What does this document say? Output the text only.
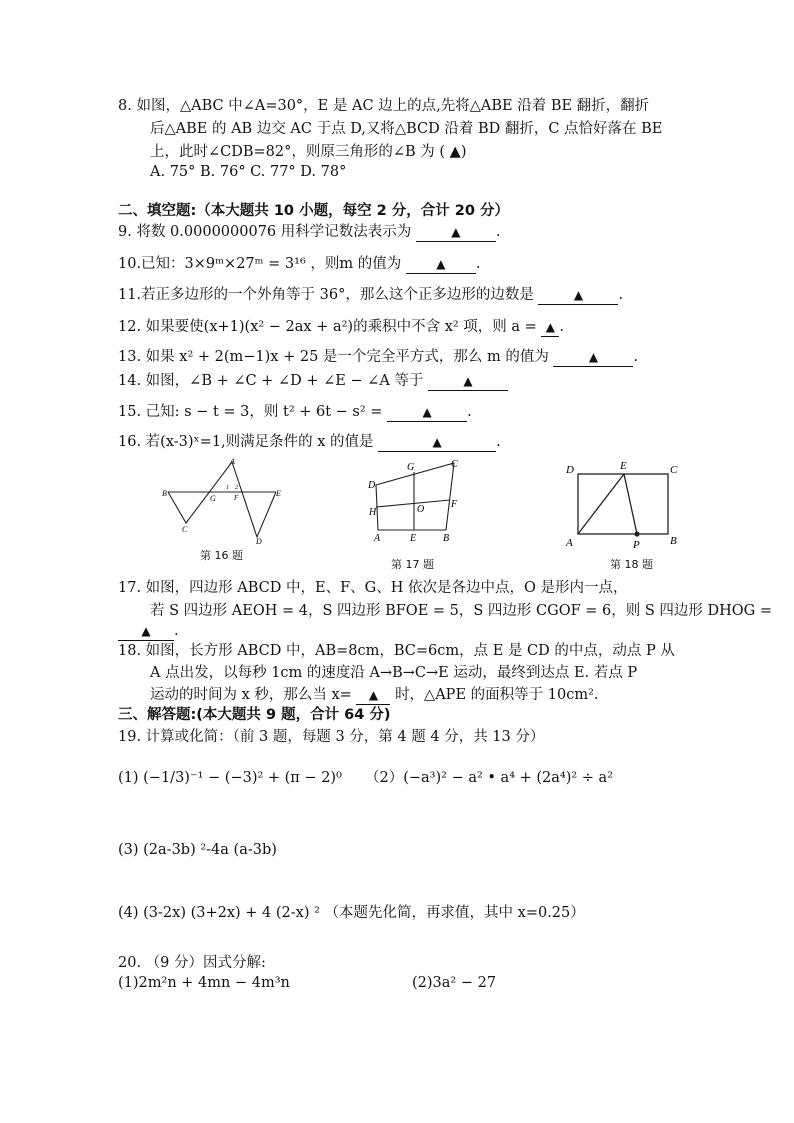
8. 如图，△ABC 中∠A=30°，E 是 AC 边上的点,先将△ABE 沿着 BE 翻折，翻折
后△ABE 的 AB 边交 AC 于点 D,又将△BCD 沿着 BD 翻折，C 点恰好落在 BE
上，此时∠CDB=82°，则原三角形的∠B 为 ( ▲)
A. 75° B. 76° C. 77° D. 78°
二、填空题:（本大题共 10 小题，每空 2 分，合计 20 分）
9. 将数 0.0000000076 用科学记数法表示为	▲ .
10.已知：3×9ᵐ×27ᵐ = 3¹⁶ ，则m 的值为	▲ .
11.若正多边形的一个外角等于 36°，那么这个正多边形的边数是	▲ .
12. 如果要使(x+1)(x² − 2ax + a²)的乘积中不含 x² 项，则 a = ▲ .
13. 如果 x² + 2(m−1)x + 25 是一个完全平方式，那么 m 的值为	▲ .
14. 如图，∠B + ∠C + ∠D + ∠E − ∠A 等于	▲
15. 己知: s − t = 3，则 t² + 6t − s² =	▲ .
16. 若(x-3)ˣ=1,则满足条件的 x 的值是	▲	.
B
C
A
D
E
G	F
1 2
第 16 题
D
G	C
H	O	F
A	E	B
第 17 题
D	E	C
A	P	B
第 18 题
17. 如图，四边形 ABCD 中，E、F、G、H 依次是各边中点，O 是形内一点，
若 S 四边形 AEOH = 4，S 四边形 BFOE = 5，S 四边形 CGOF = 6，则 S 四边形 DHOG =
▲ .
18. 如图，长方形 ABCD 中，AB=8cm，BC=6cm，点 E 是 CD 的中点，动点 P 从
A 点出发，以每秒 1cm 的速度沿 A→B→C→E 运动，最终到达点 E. 若点 P
运动的时间为 x 秒，那么当 x= ▲ 时，△APE 的面积等于 10cm².
三、解答题:(本大题共 9 题，合计 64 分)
19. 计算或化简：（前 3 题，每题 3 分，第 4 题 4 分，共 13 分）
(1) (−1/3)⁻¹ − (−3)² + (π − 2)⁰ （2）(−a³)² − a² • a⁴ + (2a⁴)² ÷ a²
(3) (2a-3b) ²-4a (a-3b)
(4) (3-2x) (3+2x) + 4 (2-x) ² （本题先化简，再求值，其中 x=0.25）
20. （9 分）因式分解:
(1)2m²n + 4mn − 4m³n	(2)3a² − 27
